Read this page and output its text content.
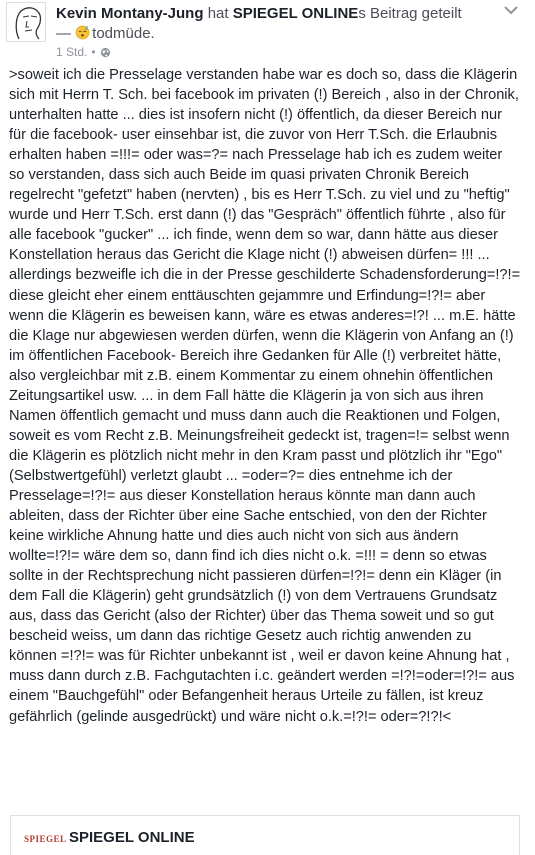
Kevin Montany-Jung hat SPIEGEL ONLINEs Beitrag geteilt
— todmüde.
1 Std. •
>soweit ich die Presselage verstanden habe war es doch so, dass die Klägerin sich mit Herrn T. Sch. bei facebook im privaten (!) Bereich , also in der Chronik, unterhalten hatte ... dies ist insofern nicht (!) öffentlich, da dieser Bereich nur für die facebook- user einsehbar ist, die zuvor von Herr T.Sch. die Erlaubnis erhalten haben =!!!= oder was=?= nach Presselage hab ich es zudem weiter so verstanden, dass sich auch Beide im quasi privaten Chronik Bereich regelrecht "gefetzt" haben (nervten) , bis es Herr T.Sch. zu viel und zu "heftig" wurde und Herr T.Sch. erst dann (!) das "Gespräch" öffentlich führte , also für alle facebook "gucker" ... ich finde, wenn dem so war, dann hätte aus dieser Konstellation heraus das Gericht die Klage nicht (!) abweisen dürfen= !!! ... allerdings bezweifle ich die in der Presse geschilderte Schadensforderung=!?!= diese gleicht eher einem enttäuschten gejammre und Erfindung=!?!= aber wenn die Klägerin es beweisen kann, wäre es etwas anderes=!?! ... m.E. hätte die Klage nur abgewiesen werden dürfen, wenn die Klägerin von Anfang an (!) im öffentlichen Facebook- Bereich ihre Gedanken für Alle (!) verbreitet hätte, also vergleichbar mit z.B. einem Kommentar zu einem ohnehin öffentlichen Zeitungsartikel usw. ... in dem Fall hätte die Klägerin ja von sich aus ihren Namen öffentlich gemacht und muss dann auch die Reaktionen und Folgen, soweit es vom Recht z.B. Meinungsfreiheit gedeckt ist, tragen=!= selbst wenn die Klägerin es plötzlich nicht mehr in den Kram passt und plötzlich ihr "Ego" (Selbstwertgefühl) verletzt glaubt ... =oder=?= dies entnehme ich der Presselage=!?!= aus dieser Konstellation heraus könnte man dann auch ableiten, dass der Richter über eine Sache entschied, von den der Richter keine wirkliche Ahnung hatte und dies auch nicht von sich aus ändern wollte=!?!= wäre dem so, dann find ich dies nicht o.k. =!!! = denn so etwas sollte in der Rechtsprechung nicht passieren dürfen=!?!= denn ein Kläger (in dem Fall die Klägerin) geht grundsätzlich (!) von dem Vertrauens Grundsatz aus, dass das Gericht (also der Richter) über das Thema soweit und so gut bescheid weiss, um dann das richtige Gesetz auch richtig anwenden zu können =!?!= was für Richter unbekannt ist , weil er davon keine Ahnung hat , muss dann durch z.B. Fachgutachten i.c. geändert werden =!?!=oder=!?!= aus einem "Bauchgefühl" oder Befangenheit heraus Urteile zu fällen, ist kreuz gefährlich (gelinde ausgedrückt) und wäre nicht o.k.=!?!= oder=?!?!<
SPIEGEL SPIEGEL ONLINE
